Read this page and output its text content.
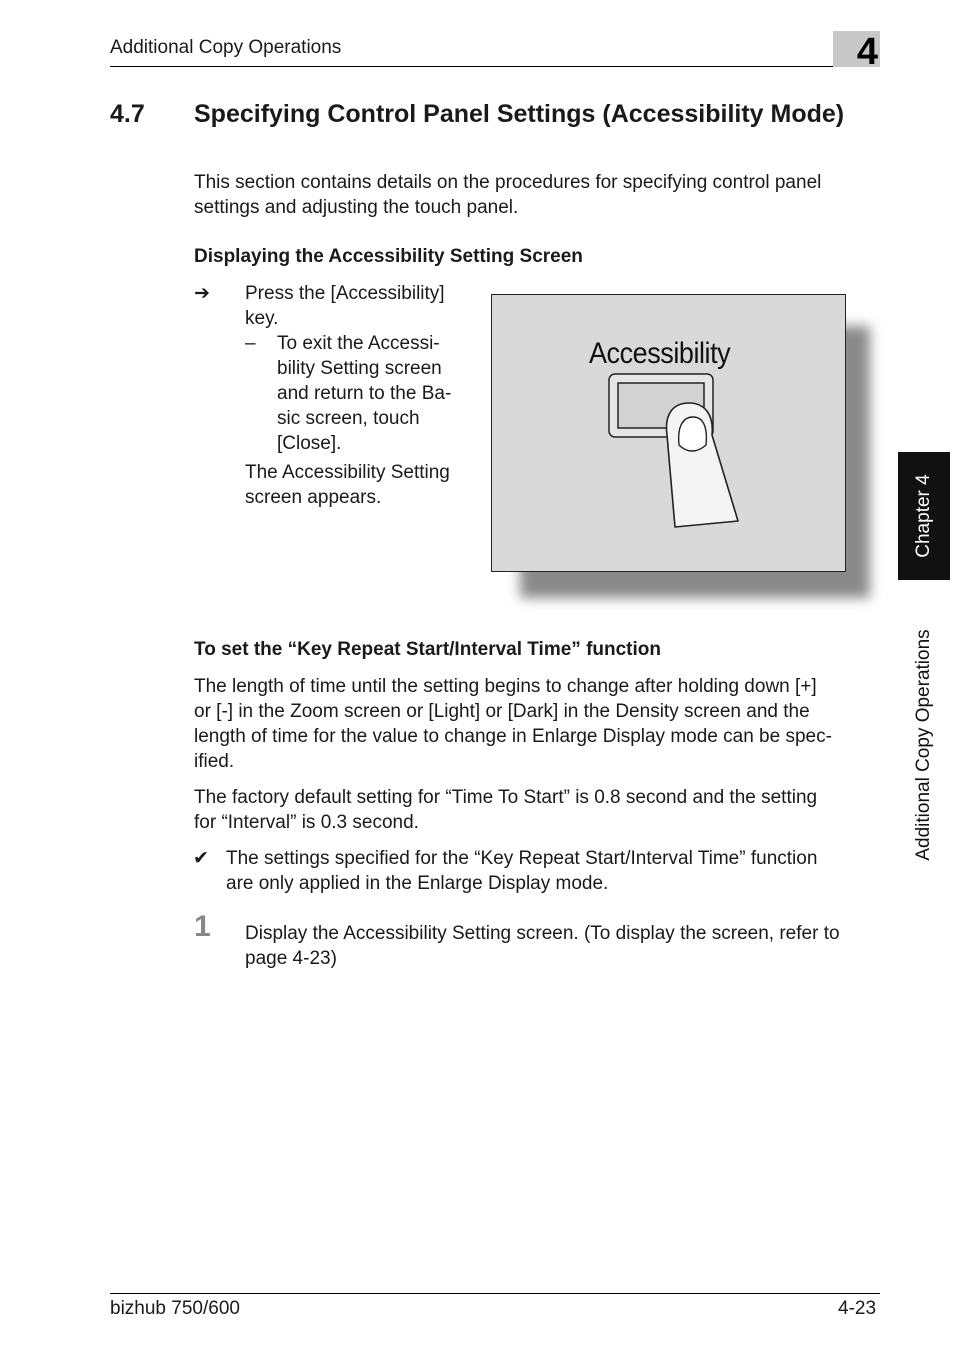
Additional Copy Operations	4
4.7 Specifying Control Panel Settings (Accessibility Mode)
This section contains details on the procedures for specifying control panel settings and adjusting the touch panel.
Displaying the Accessibility Setting Screen
➔ Press the [Accessibility]
key.
– To exit the Accessi-
bility Setting screen
and return to the Ba-
sic screen, touch
[Close].
The Accessibility Setting
screen appears.
Accessibility
To set the “Key Repeat Start/Interval Time” function
The length of time until the setting begins to change after holding down [+]
or [-] in the Zoom screen or [Light] or [Dark] in the Density screen and the
length of time for the value to change in Enlarge Display mode can be spec-
ified.
The factory default setting for “Time To Start” is 0.8 second and the setting
for “Interval” is 0.3 second.
✔ The settings specified for the “Key Repeat Start/Interval Time” function
are only applied in the Enlarge Display mode.
1 Display the Accessibility Setting screen. (To display the screen, refer to
page 4-23)
Chapter 4
Additional Copy Operations
bizhub 750/600	4-23
